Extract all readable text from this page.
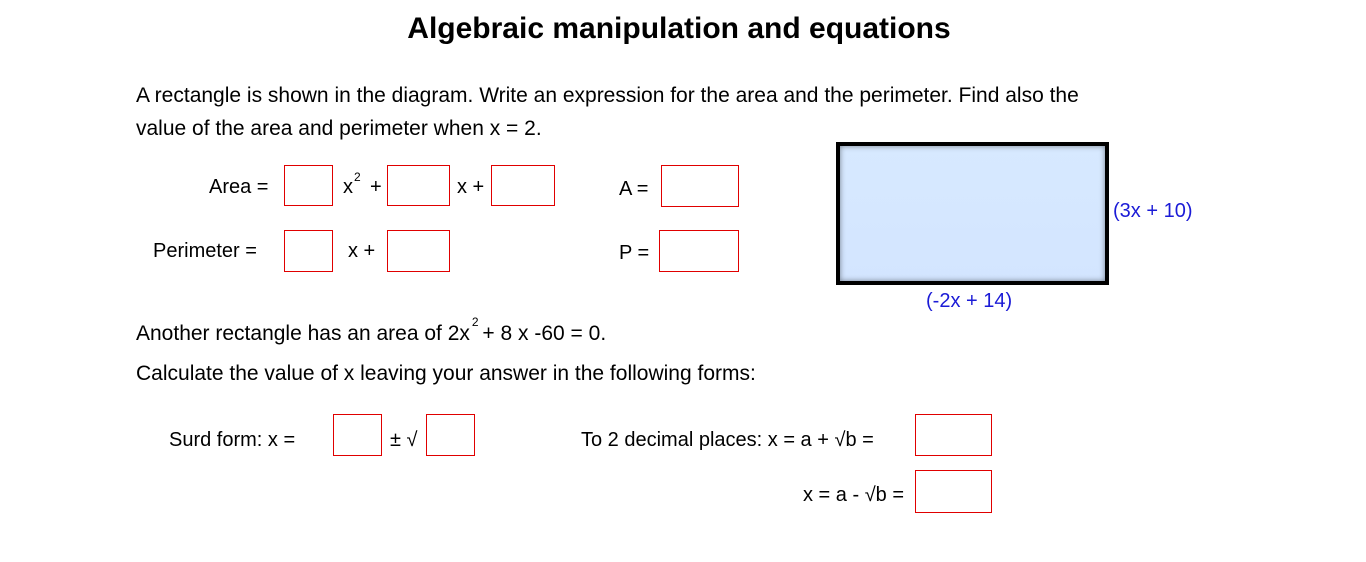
Algebraic manipulation and equations
A rectangle is shown in the diagram. Write an expression for the area and the perimeter. Find also the
value of the area and perimeter when x = 2.
Area =	$x^2$ +	x +	A =
Perimeter =	x +	P =
(3x + 10)
(-2x + 14)
Another rectangle has an area of 2x $^2$ + 8 x -60 = 0.
Calculate the value of x leaving your answer in the following forms:
Surd form: x =	± √	To 2 decimal places: x = a + √b =
x = a - √b =
